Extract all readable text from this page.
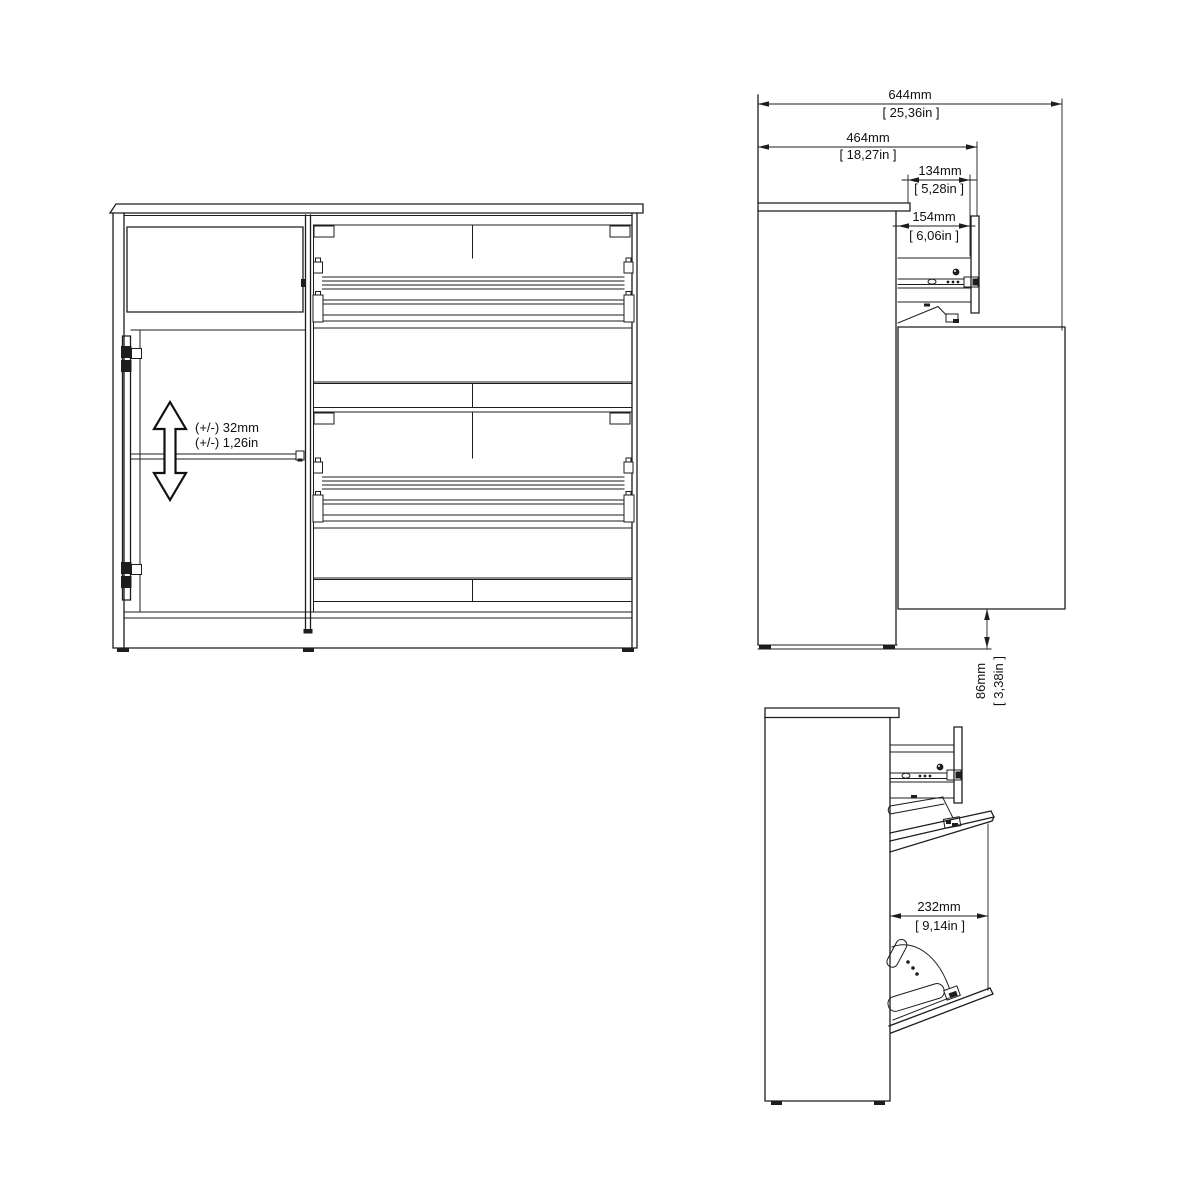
(+/-) 32mm
(+/-) 1,26in
644mm
[ 25,36in ]
464mm
[ 18,27in ]
134mm
[ 5,28in ]
154mm
[ 6,06in ]
86mm [ 3,38in ]
232mm
[ 9,14in ]
